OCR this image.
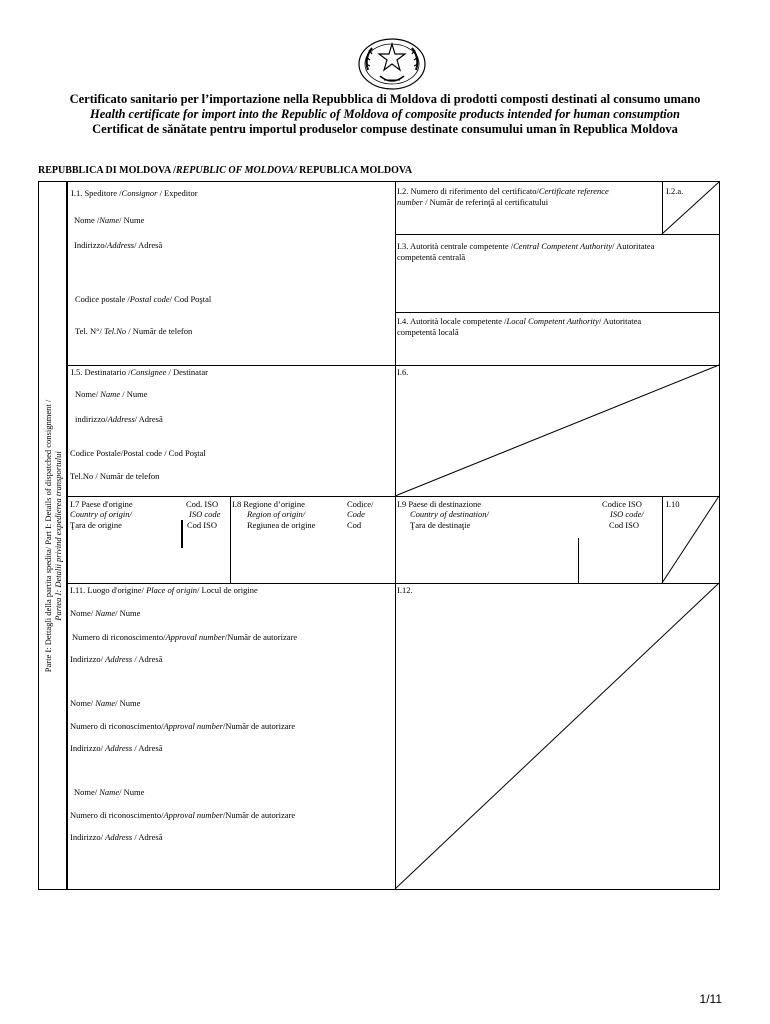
Certificato sanitario per l’importazione nella Repubblica di Moldova di prodotti composti destinati al consumo umano
Health certificate for import into the Republic of Moldova of composite products intended for human consumption
Certificat de sănătate pentru importul produselor compuse destinate consumului uman în Republica Moldova
REPUBBLICA DI MOLDOVA /REPUBLIC OF MOLDOVA/ REPUBLICA MOLDOVA
Parte I: Dettagli della partita spedita/ Part I: Details of dispatched consignment / Partea I: Detalii privind expedierea transportului
I.1. Speditore /Consignor / Expeditor
Nome /Name/ Nume
Indirizzo/Address/ Adresă
Codice postale /Postal code/ Cod Poştal
Tel. N°/ Tel.No / Număr de telefon
I.2. Numero di riferimento del certificato/Certificate reference
number / Număr de referinţă al certificatului
I.2.a.
I.3. Autorità centrale competente /Central Competent Authority/ Autoritatea
competentă centrală
I.4. Autorità locale competente /Local Competent Authority/ Autoritatea
competentă locală
I.5. Destinatario /Consignee / Destinatar
Nome/ Name / Nume
indirizzo/Address/ Adresă
Codice Postale/Postal code / Cod Poştal
Tel.No / Număr de telefon
I.6.
I.7 Paese d'origine
Country of origin/
Ţara de origine
Cod. ISO
ISO code
Cod ISO
I.8 Regione d’origine
Region of origin/
Regiunea de origine
Codice/
Code
Cod
I.9 Paese di destinazione
Country of destination/
Ţara de destinaţie
Codice ISO
ISO code/
Cod ISO
I.10
I.11. Luogo d'origine/ Place of origin/ Locul de origine
Nome/ Name/ Nume
Numero di riconoscimento/Approval number/Număr de autorizare
Indirizzo/ Address / Adresă
Nome/ Name/ Nume
Numero di riconoscimento/Approval number/Număr de autorizare
Indirizzo/ Address / Adresă
Nome/ Name/ Nume
Numero di riconoscimento/Approval number/Număr de autorizare
Indirizzo/ Address / Adresă
I.12.
1/11
